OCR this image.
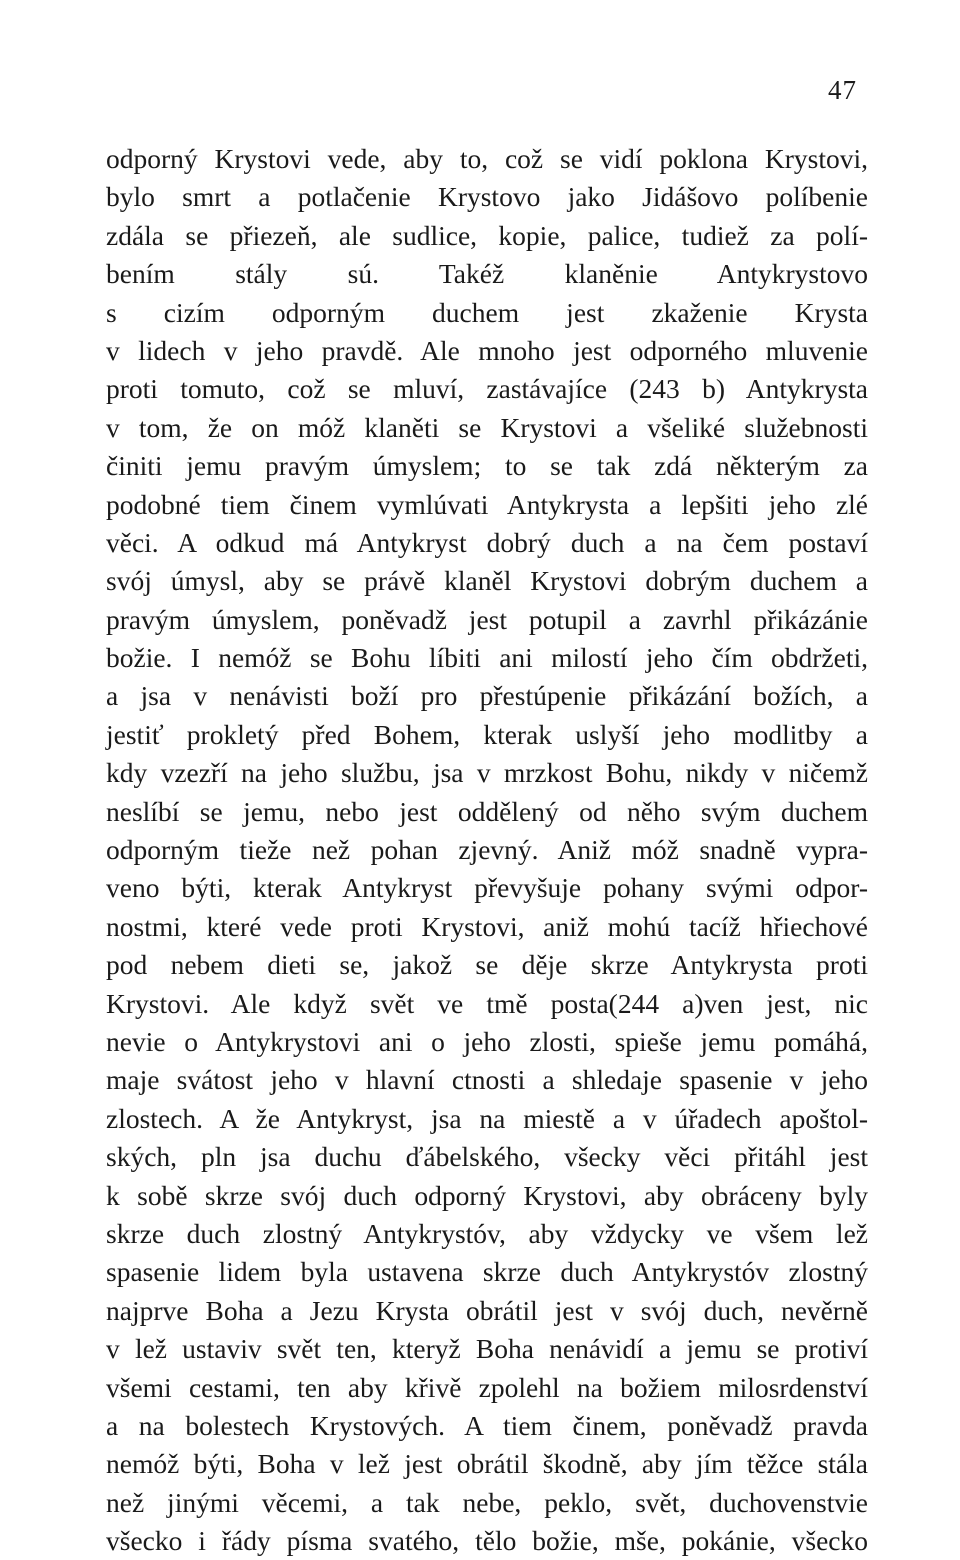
47
odporný Krystovi vede, aby to, což se vidí poklona Krystovi,
bylo smrt a potlačenie Krystovo jako Jidášovo políbenie
zdála se přiezeň, ale sudlice, kopie, palice, tudiež za polí-
bením stály sú. Takéž klaněnie Antykrystovo
s cizím odporným duchem jest zkaženie Krysta
v lidech v jeho pravdě. Ale mnoho jest odporného mluvenie
proti tomuto, což se mluví, zastávajíce (243 b) Antykrysta
v tom, že on móž klaněti se Krystovi a všeliké služebnosti
činiti jemu pravým úmyslem; to se tak zdá některým za
podobné tiem činem vymlúvati Antykrysta a lepšiti jeho zlé
věci. A odkud má Antykryst dobrý duch a na čem postaví
svój úmysl, aby se právě klaněl Krystovi dobrým duchem a
pravým úmyslem, poněvadž jest potupil a zavrhl přikázánie
božie. I nemóž se Bohu líbiti ani milostí jeho čím obdržeti,
a jsa v nenávisti boží pro přestúpenie přikázání božích, a
jestiť prokletý před Bohem, kterak uslyší jeho modlitby a
kdy vzezří na jeho službu, jsa v mrzkost Bohu, nikdy v ničemž
neslíbí se jemu, nebo jest oddělený od něho svým duchem
odporným tieže než pohan zjevný. Aniž móž snadně vypra-
veno býti, kterak Antykryst převyšuje pohany svými odpor-
nostmi, které vede proti Krystovi, aniž mohú tacíž hřiechové
pod nebem dieti se, jakož se děje skrze Antykrysta proti
Krystovi. Ale když svět ve tmě posta(244 a)ven jest, nic
nevie o Antykrystovi ani o jeho zlosti, spieše jemu pomáhá,
maje svátost jeho v hlavní ctnosti a shledaje spasenie v jeho
zlostech. A že Antykryst, jsa na miestě a v úřadech apoštol-
ských, pln jsa duchu ďábelského, všecky věci přitáhl jest
k sobě skrze svój duch odporný Krystovi, aby obráceny byly
skrze duch zlostný Antykrystóv, aby vždycky ve všem lež
spasenie lidem byla ustavena skrze duch Antykrystóv zlostný
najprve Boha a Jezu Krysta obrátil jest v svój duch, nevěrně
v lež ustaviv svět ten, kteryž Boha nenávidí a jemu se protiví
všemi cestami, ten aby křivě zpolehl na božiem milosrdenství
a na bolestech Krystových. A tiem činem, poněvadž pravda
nemóž býti, Boha v lež jest obrátil škodně, aby jím těžce stála
než jinými věcemi, a tak nebe, peklo, svět, duchovenstvie
všecko i řády písma svatého, tělo božie, mše, pokánie, všecko
